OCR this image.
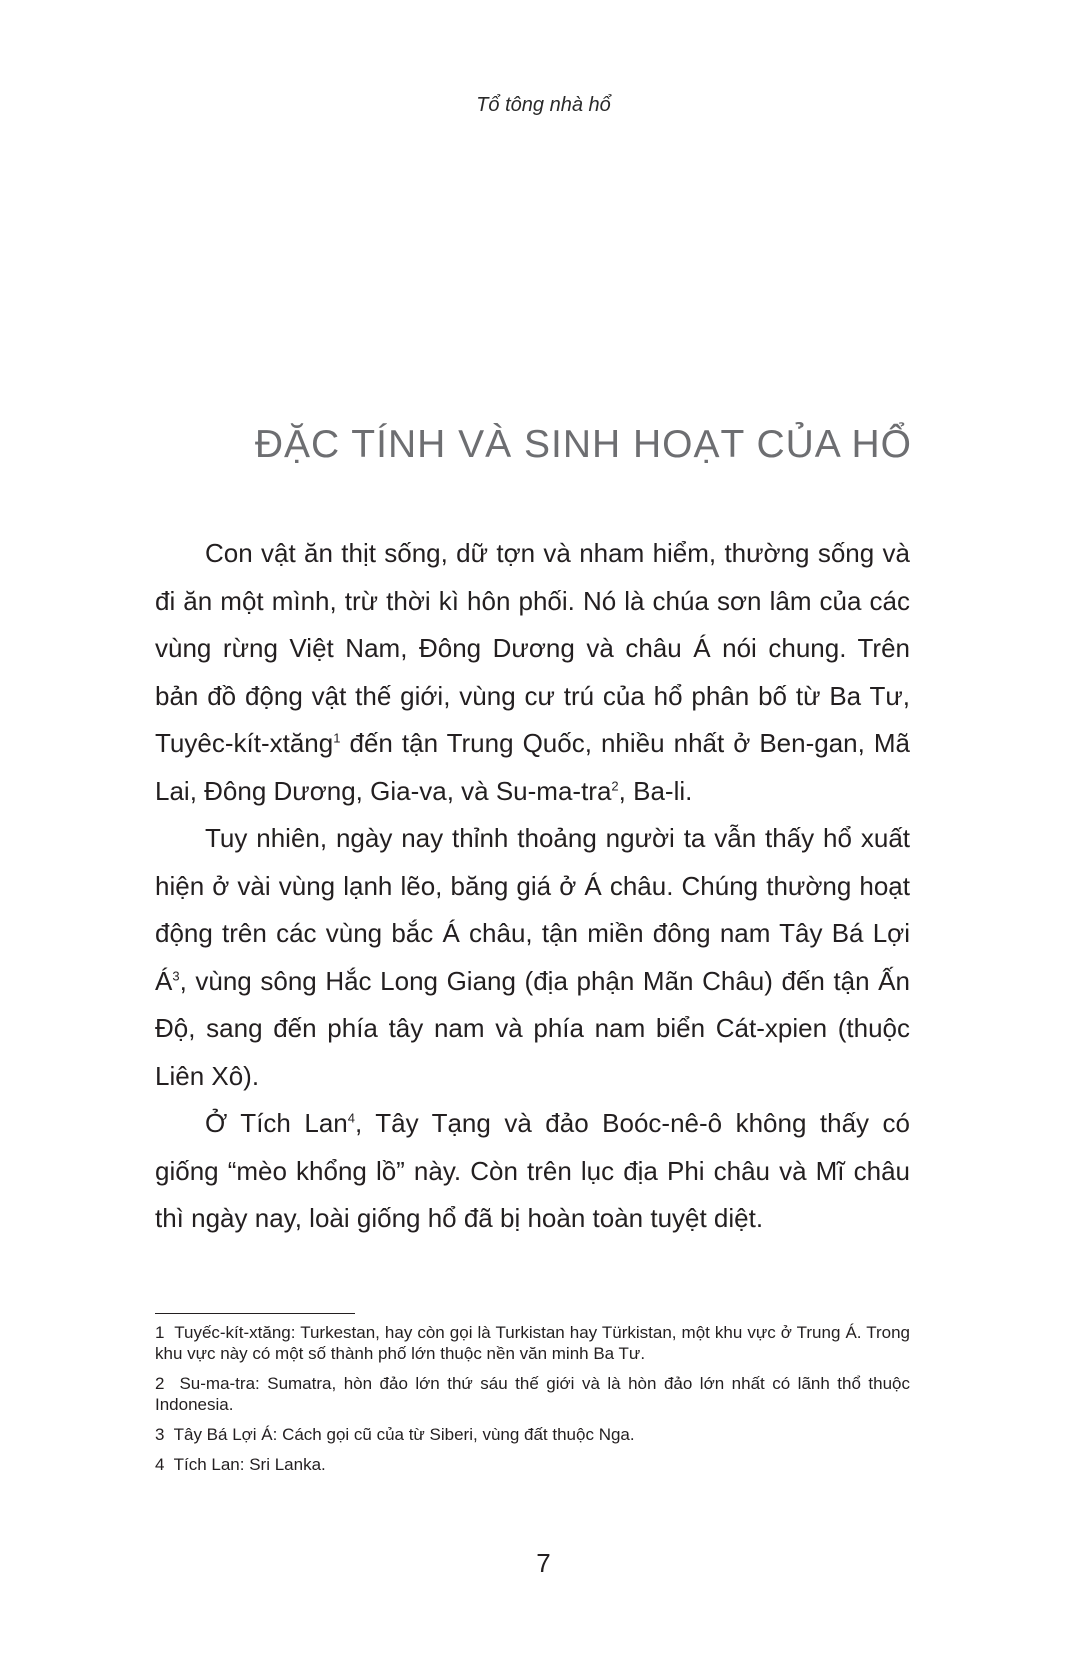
Tổ tông nhà hổ
ĐẶC TÍNH VÀ SINH HOẠT CỦA HỔ

Con vật ăn thịt sống, dữ tợn và nham hiểm, thường sống và đi ăn một mình, trừ thời kì hôn phối. Nó là chúa sơn lâm của các vùng rừng Việt Nam, Đông Dương và châu Á nói chung. Trên bản đồ động vật thế giới, vùng cư trú của hổ phân bố từ Ba Tư, Tuyêc-kít-xtăng$^1$ đến tận Trung Quốc, nhiều nhất ở Ben-gan, Mã Lai, Đông Dương, Gia-va, và Su-ma-tra$^2$, Ba-li.

Tuy nhiên, ngày nay thỉnh thoảng người ta vẫn thấy hổ xuất hiện ở vài vùng lạnh lẽo, băng giá ở Á châu. Chúng thường hoạt động trên các vùng bắc Á châu, tận miền đông nam Tây Bá Lợi $Á^3$, vùng sông Hắc Long Giang (địa phận Mãn Châu) đến tận Ấn Độ, sang đến phía tây nam và phía nam biển Cát-xpien (thuộc Liên Xô).

Ở Tích Lan$^4$, Tây Tạng và đảo Boóc-nê-ô không thấy có giống “mèo khổng lồ” này. Còn trên lục địa Phi châu và Mĩ châu thì ngày nay, loài giống hổ đã bị hoàn toàn tuyệt diệt.

1 Tuyếc-kít-xtăng: Turkestan, hay còn gọi là Turkistan hay Türkistan, một khu vực ở Trung Á. Trong khu vực này có một số thành phố lớn thuộc nền văn minh Ba Tư.

2 Su-ma-tra: Sumatra, hòn đảo lớn thứ sáu thế giới và là hòn đảo lớn nhất có lãnh thổ thuộc Indonesia.

3 Tây Bá Lợi Á: Cách gọi cũ của từ Siberi, vùng đất thuộc Nga.

4 Tích Lan: Sri Lanka.

7
